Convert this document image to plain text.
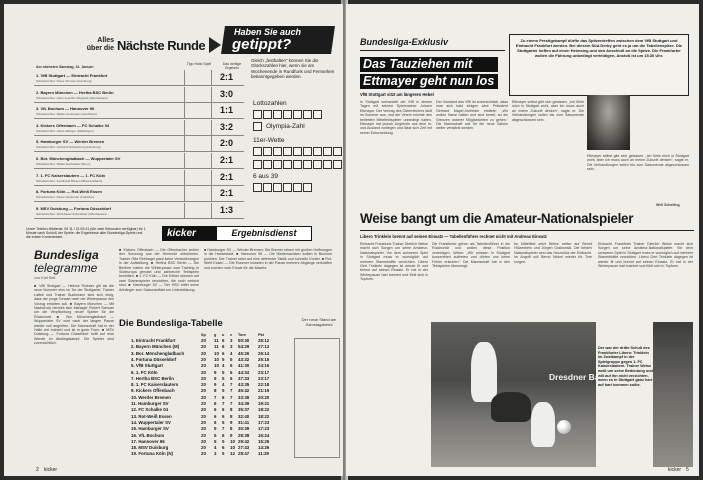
Alles
über die Nächste Runde
Haben Sie auch
getippt?
Am nächsten Samstag, 24. Januar:
Tipp Hallo Spiel	Das richtige Ergebnis
1. VfB Stuttgart — Eintracht Frankfurt
Schiedsrichter: Klaus Ohmsen (Hamburg)	2:1
2. Bayern München — Hertha BSC Berlin
Schiedsrichter: Hans-Joachim Weyland (Oberhausen)	3:0
3. VfL Bochum — Hannover 96
Schiedsrichter: Walter Horstmann (Hochheim)	1:1
4. Kickers Offenbach — FC Schalke 04
Schiedsrichter: Heinz Aldinger (Waiblingen)	3:2
5. Hamburger SV — Werder Bremen
Schiedsrichter: Gerhard Schulenburg (Hamburg)	2:0
6. Bor. Mönchengladbach — Wuppertaler SV
Schiedsrichter: Walter Eschweiler (Bonn)	2:1
7. 1. FC Kaiserslautern — 1. FC Köln
Schiedsrichter: Ferdinand Biwersi (Bliesransbach)	2:1
8. Fortuna Köln — Rot-Weiß Essen
Schiedsrichter: Dieter Heckeroth (Frankfurt)	2:1
9. MSV Duisburg — Fortuna Düsseldorf
Schiedsrichter: Wolf-Dieter Ahlenfelder (Oberhausen)	1:3
Gleich „festhalten“ können Sie die Glückszahlen hier, wenn sie am Wochenende in Rundfunk und Fernsehen bekanntgegeben werden.
Lottozahlen
Olympia-Zahl
11er-Wette
6 aus 39
Unser Telefon-Hitdienst: 09 11 / 21 63 41 (die zwei Sekunden verfügbar) für 1 Minute nach Schluß der Spiele: die Ergebnisse aller Bundesliga-Spiele und die ersten Kommentare.	kicker	Ergebnisdienst
Bundesliga
telegramme
von Karl Ball
■ VfB Stuttgart — Helmut Roleder gilt als die neue Nummer eins im Tor der Stuttgarter. Trainer Lattek und Trainer Buchmann sind sich einig, dass der junge Torwart nach der Winterpause den Vorzug erhalten soll. ■ Bayern München — Mit Nachdruck bemüht sich Manager Robert Schwan um die Verpflichtung neuer Spieler für die Rückrunde. ■ Bor. Mönchengladbach — Wuppertaler SV wird nach der langen Pause wieder voll angreifen. Die Mannschaft hat in der Halle viel trainiert und ist in guter Form. ■ MSV Duisburg — Fortuna Düsseldorf hofft auf eine Wende im Abstiegskampf. Die Spieler sind zuversichtlich.
■ Kickers Offenbach — Die Offenbacher wollen den Schwung aus der Hinrunde mitnehmen. Trainer Otto Rehhagel plant keine Veränderungen in der Aufstellung. ■ Hertha BSC Berlin — Die Berliner haben die Winterpause zum Training in Südeuropa genutzt und zahlreiche Testspiele bestritten. ■ 1. FC Köln — Die Kölner müssen auf zwei Stammspieler verzichten, die noch verletzt sind. ■ Hamburger SV — Der HSV bittet seine Anhänger zum Saisonauftakt um Unterstützung.
■ Hamburger SV — Werder Bremen: Die Bremer reisen mit großen Hoffnungen in die Hansestadt. ■ Hannover 96 — Die Niedersachsen wollen in Bochum punkten. Der Trainer setzt auf eine defensive Taktik und schnelle Konter. ■ Rot-Weiß Essen — Die Essener mussten in der Pause mehrere Abgänge verkraften und suchen noch Ersatz für die Abwehr.
Die Bundesliga-Tabelle	Der neue Stand am Samstagabend
Sp g u v Tore	Pkt
1. Eintracht Frankfurt	20 11 6 3 50:30 28:12
2. Bayern München (M)	20 11 6 3 54:29 27:13
3. Bor. Mönchengladbach	20 10 6 4 45:26 26:14
4. Fortuna Düsseldorf	20 10 5 5 43:32 25:15
5. VfB Stuttgart	20 10 4 6 41:30 24:16
6. 1. FC Köln	20 9 5 6 44:34 23:17
7. Hertha BSC Berlin	20 9 5 6 37:33 23:17
8. 1. FC Kaiserslautern	20 9 4 7 43:35 22:18
9. Kickers Offenbach	20 8 5 7 45:42 21:19
10. Werder Bremen	20 7 6 7 33:36 20:20
11. Hamburger SV	20 6 7 7 34:39 19:21
12. FC Schalke 04	20 6 6 8 35:37 18:22
13. Rot-Weiß Essen	20 6 6 8 32:40 18:22
14. Wuppertaler SV	20 6 5 9 31:41 17:23
15. Hamburger SV	20 5 7 8 30:39 17:23
16. VfL Bochum	20 5 6 9 28:38 16:24
17. Hannover 96	20 5 5 10 29:42 15:25
18. MSV Duisburg	20 4 6 10 27:43 14:26
19. Fortuna Köln (N)	20 3 5 12 28:47 11:29
2 kicker
Bundesliga-Exklusiv
Das Tauziehen mit
Ettmayer geht nun los
VfB Stuttgart sitzt am längeren Hebel
Zu einem Prestigekampf dürfte das Spitzentreffen zwischen dem VfB Stuttgart und Eintracht Frankfurt werden. Bei diesem Süd-Derby geht es ja um die Tabellenspitze. Die Stuttgarter hoffen auf einen Heimsieg und den Anschluß an die Spitze. Die Frankfurter wollen die Führung unbedingt verteidigen, Anstoß ist um 15.30 Uhr.
In Stuttgart verhandelt der VfB in diesen Tagen mit seinem Spielmacher Johann Ettmayer. Der Vertrag des Österreichers läuft im Sommer aus, und der Verein möchte den beliebten Mittelfeldspieler unbedingt halten. Ettmayer hat jedoch Angebote aus dem In- und Ausland vorliegen und lässt sich Zeit mit seiner Entscheidung.
Der Vorstand des VfB ist zuversichtlich, dass man sich bald einigen wird. Präsident Gerhard Mayer-Vorfelder erklärte: „Wir wollen Hansi halten und sind bereit, an die Grenzen unserer Möglichkeiten zu gehen.“ Die Mannschaft soll für die neue Saison weiter verstärkt werden.
Ettmayer selbst gibt sich gelassen. „Ich fühle mich in Stuttgart wohl, aber ich muss auch an meine Zukunft denken“, sagte er. Die Verhandlungen sollen bis zum Saisonende abgeschlossen sein.
Ettmayer selbst gibt sich gelassen. „Ich fühle mich in Stuttgart wohl, aber ich muss auch an meine Zukunft denken“, sagte er. Die Verhandlungen sollen bis zum Saisonende abgeschlossen sein.
Weil Scheiling
Weise bangt um die Amateur-Nationalspieler
Libero Trinklein brennt auf seinen Einsatz — Tabellenführer rechnet nicht mit Andreas Einsatz
Eintracht Frankfurts Trainer Dietrich Weise macht sich Sorgen um seine Amateur-Nationalspieler. Vor dem schweren Spiel in Stuttgart muss er womöglich auf mehrere Stammkräfte verzichten. Libero Gert Trinklein dagegen ist wieder fit und brennt auf seinen Einsatz. Er hat in der Winterpause hart trainiert und fühlt sich in Topform.
Die Frankfurter gehen als Tabellenführer in die Rückrunde und wollen diese Position verteidigen. Weise: „Wir müssen in Stuttgart konzentriert auftreten und dürfen uns keine Fehler erlauben.“ Die Mannschaft hat in den Testspielen überzeugt.
Im Mittelfeld setzt Weise weiter auf Bernd Hölzenbein und Jürgen Grabowski. Die beiden Nationalspieler sind das Herzstück der Eintracht. Im Angriff soll Bernd Nickel wieder für Tore sorgen.
Eintracht Frankfurts Trainer Dietrich Weise macht sich Sorgen um seine Amateur-Nationalspieler. Vor dem schweren Spiel in Stuttgart muss er womöglich auf mehrere Stammkräfte verzichten. Libero Gert Trinklein dagegen ist wieder fit und brennt auf seinen Einsatz. Er hat in der Winterpause hart trainiert und fühlt sich in Topform.
Dresdner Bank
Der war der dritte Schuß des Frankfurter Libero: Trinklein im Zweikampf in der Spielgruppe gegen 1. FC Kaiserslautern. Trainer Weise weiß um seine Bedeutung und will auf ihn nicht verzichten, wenn es in Stuttgart ganz hart auf hart kommen sollte.
kicker 5
